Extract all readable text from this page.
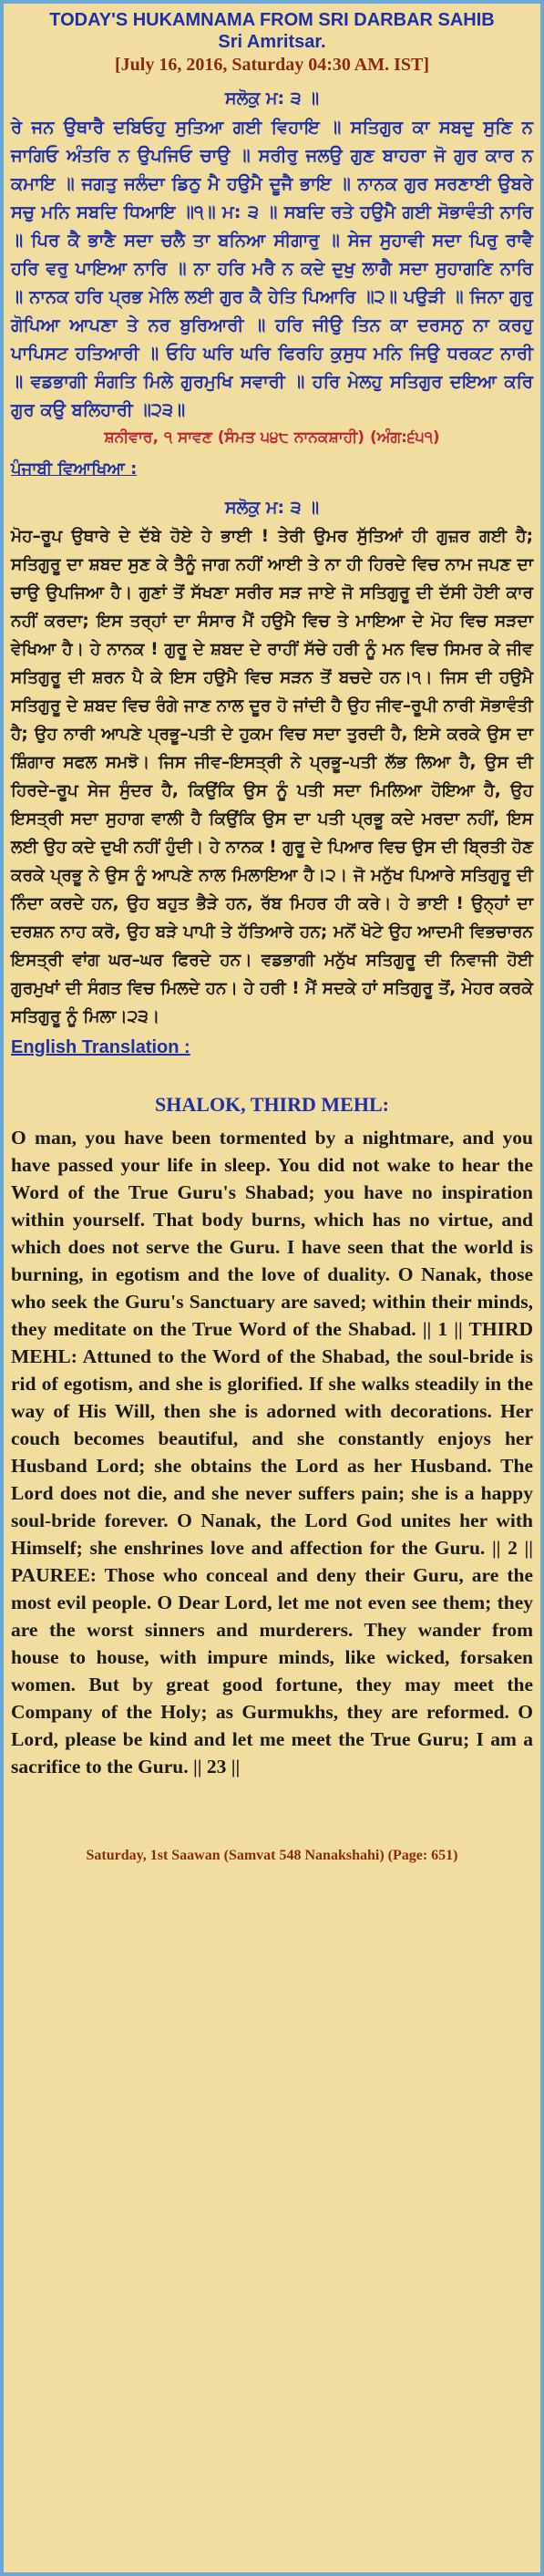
TODAY'S HUKAMNAMA FROM SRI DARBAR SAHIB
Sri Amritsar.
[July 16, 2016, Saturday 04:30 AM. IST]
ਸਲੋਕੁ ਮ: ੩ ॥

ਰੇ ਜਨ ਉਥਾਰੈ ਦਬਿਓਹੁ ਸੁਤਿਆ ਗਈ ਵਿਹਾਇ ॥ ਸਤਿਗੁਰ ਕਾ ਸਬਦੁ ਸੁਣਿ ਨ ਜਾਗਿਓ ਅੰਤਰਿ ਨ ਉਪਜਿਓ ਚਾਉ ॥ ਸਰੀਰੁ ਜਲਉ ਗੁਣ ਬਾਹਰਾ ਜੋ ਗੁਰ ਕਾਰ ਨ ਕਮਾਇ ॥ ਜਗਤੁ ਜਲੰਦਾ ਡਿਠੁ ਮੈ ਹਉਮੈ ਦੂਜੈ ਭਾਇ ॥ ਨਾਨਕ ਗੁਰ ਸਰਣਾਈ ਉਬਰੇ ਸਚੁ ਮਨਿ ਸਬਦਿ ਧਿਆਇ ॥੧॥ ਮ: ੩ ॥ ਸਬਦਿ ਰਤੇ ਹਉਮੈ ਗਈ ਸੋਭਾਵੰਤੀ ਨਾਰਿ ॥ ਪਿਰ ਕੈ ਭਾਣੈ ਸਦਾ ਚਲੈ ਤਾ ਬਨਿਆ ਸੀਗਾਰੁ ॥ ਸੇਜ ਸੁਹਾਵੀ ਸਦਾ ਪਿਰੁ ਰਾਵੈ ਹਰਿ ਵਰੁ ਪਾਇਆ ਨਾਰਿ ॥ ਨਾ ਹਰਿ ਮਰੈ ਨ ਕਦੇ ਦੁਖੁ ਲਾਗੈ ਸਦਾ ਸੁਹਾਗਣਿ ਨਾਰਿ ॥ ਨਾਨਕ ਹਰਿ ਪ੍ਰਭ ਮੇਲਿ ਲਈ ਗੁਰ ਕੈ ਹੇਤਿ ਪਿਆਰਿ ॥੨॥ ਪਉੜੀ ॥ ਜਿਨਾ ਗੁਰੁ ਗੋਪਿਆ ਆਪਣਾ ਤੇ ਨਰ ਬੁਰਿਆਰੀ ॥ ਹਰਿ ਜੀਉ ਤਿਨ ਕਾ ਦਰਸਨੁ ਨਾ ਕਰਹੁ ਪਾਪਿਸਟ ਹਤਿਆਰੀ ॥ ਓਹਿ ਘਰਿ ਘਰਿ ਫਿਰਹਿ ਕੁਸੁਧ ਮਨਿ ਜਿਉ ਧਰਕਟ ਨਾਰੀ ॥ ਵਡਭਾਗੀ ਸੰਗਤਿ ਮਿਲੇ ਗੁਰਮੁਖਿ ਸਵਾਰੀ ॥ ਹਰਿ ਮੇਲਹੁ ਸਤਿਗੁਰ ਦਇਆ ਕਰਿ ਗੁਰ ਕਉ ਬਲਿਹਾਰੀ ॥੨੩॥

ਸ਼ਨੀਵਾਰ, ੧ ਸਾਵਣ (ਸੰਮਤ ੫੪੮ ਨਾਨਕਸ਼ਾਹੀ) (ਅੰਗ:੬੫੧)
ਪੰਜਾਬੀ ਵਿਆਖਿਆ :
ਸਲੋਕੁ ਮ: ੩ ॥

ਮੋਹ–ਰੂਪ ਉਥਾਰੇ ਦੇ ਦੱਬੇ ਹੋਏ ਹੇ ਭਾਈ ! ਤੇਰੀ ਉਮਰ ਸੁੱਤਿਆਂ ਹੀ ਗੁਜ਼ਰ ਗਈ ਹੈ; ਸਤਿਗੁਰੂ ਦਾ ਸ਼ਬਦ ਸੁਣ ਕੇ ਤੈਨੂੰ ਜਾਗ ਨਹੀਂ ਆਈ ਤੇ ਨਾ ਹੀ ਹਿਰਦੇ ਵਿਚ ਨਾਮ ਜਪਣ ਦਾ ਚਾਉ ਉਪਜਿਆ ਹੈ। ਗੁਣਾਂ ਤੋਂ ਸੱਖਣਾ ਸਰੀਰ ਸੜ ਜਾਏ ਜੋ ਸਤਿਗੁਰੂ ਦੀ ਦੱਸੀ ਹੋਈ ਕਾਰ ਨਹੀਂ ਕਰਦਾ; ਇਸ ਤਰ੍ਹਾਂ ਦਾ ਸੰਸਾਰ ਮੈਂ ਹਉਮੈ ਵਿਚ ਤੇ ਮਾਇਆ ਦੇ ਮੋਹ ਵਿਚ ਸੜਦਾ ਵੇਖਿਆ ਹੈ। ਹੇ ਨਾਨਕ ! ਗੁਰੂ ਦੇ ਸ਼ਬਦ ਦੇ ਰਾਹੀਂ ਸੱਚੇ ਹਰੀ ਨੂੰ ਮਨ ਵਿਚ ਸਿਮਰ ਕੇ ਜੀਵ ਸਤਿਗੁਰੂ ਦੀ ਸ਼ਰਨ ਪੈ ਕੇ ਇਸ ਹਉਮੈ ਵਿਚ ਸੜਨ ਤੋਂ ਬਚਦੇ ਹਨ।੧। ਜਿਸ ਦੀ ਹਉਮੈ ਸਤਿਗੁਰੂ ਦੇ ਸ਼ਬਦ ਵਿਚ ਰੰਗੇ ਜਾਣ ਨਾਲ ਦੂਰ ਹੋ ਜਾਂਦੀ ਹੈ ਉਹ ਜੀਵ–ਰੂਪੀ ਨਾਰੀ ਸੋਭਾਵੰਤੀ ਹੈ; ਉਹ ਨਾਰੀ ਆਪਣੇ ਪ੍ਰਭੂ–ਪਤੀ ਦੇ ਹੁਕਮ ਵਿਚ ਸਦਾ ਤੁਰਦੀ ਹੈ, ਇਸੇ ਕਰਕੇ ਉਸ ਦਾ ਸ਼ਿੰਗਾਰ ਸਫਲ ਸਮਝੋ। ਜਿਸ ਜੀਵ–ਇਸਤ੍ਰੀ ਨੇ ਪ੍ਰਭੂ–ਪਤੀ ਲੱਭ ਲਿਆ ਹੈ, ਉਸ ਦੀ ਹਿਰਦੇ–ਰੂਪ ਸੇਜ ਸੁੰਦਰ ਹੈ, ਕਿਉਂਕਿ ਉਸ ਨੂੰ ਪਤੀ ਸਦਾ ਮਿਲਿਆ ਹੋਇਆ ਹੈ, ਉਹ ਇਸਤ੍ਰੀ ਸਦਾ ਸੁਹਾਗ ਵਾਲੀ ਹੈ ਕਿਉਂਕਿ ਉਸ ਦਾ ਪਤੀ ਪ੍ਰਭੂ ਕਦੇ ਮਰਦਾ ਨਹੀਂ, ਇਸ ਲਈ ਉਹ ਕਦੇ ਦੁਖੀ ਨਹੀਂ ਹੁੰਦੀ। ਹੇ ਨਾਨਕ ! ਗੁਰੂ ਦੇ ਪਿਆਰ ਵਿਚ ਉਸ ਦੀ ਬ੍ਰਿਤੀ ਹੋਣ ਕਰਕੇ ਪ੍ਰਭੂ ਨੇ ਉਸ ਨੂੰ ਆਪਣੇ ਨਾਲ ਮਿਲਾਇਆ ਹੈ।੨। ਜੋ ਮਨੁੱਖ ਪਿਆਰੇ ਸਤਿਗੁਰੂ ਦੀ ਨਿੰਦਾ ਕਰਦੇ ਹਨ, ਉਹ ਬਹੁਤ ਭੈੜੇ ਹਨ, ਰੱਬ ਮਿਹਰ ਹੀ ਕਰੇ। ਹੇ ਭਾਈ ! ਉਨ੍ਹਾਂ ਦਾ ਦਰਸ਼ਨ ਨਾਹ ਕਰੋ, ਉਹ ਬੜੇ ਪਾਪੀ ਤੇ ਹੱਤਿਆਰੇ ਹਨ; ਮਨੋਂ ਖੋਟੇ ਉਹ ਆਦਮੀ ਵਿਭਚਾਰਨ ਇਸਤ੍ਰੀ ਵਾਂਗ ਘਰ–ਘਰ ਫਿਰਦੇ ਹਨ। ਵਡਭਾਗੀ ਮਨੁੱਖ ਸਤਿਗੁਰੂ ਦੀ ਨਿਵਾਜੀ ਹੋਈ ਗੁਰਮੁਖਾਂ ਦੀ ਸੰਗਤ ਵਿਚ ਮਿਲਦੇ ਹਨ। ਹੇ ਹਰੀ ! ਮੈਂ ਸਦਕੇ ਹਾਂ ਸਤਿਗੁਰੂ ਤੋਂ, ਮੇਹਰ ਕਰਕੇ ਸਤਿਗੁਰੂ ਨੂੰ ਮਿਲਾ।੨੩।

English Translation :
SHALOK, THIRD MEHL:

O man, you have been tormented by a nightmare, and you have passed your life in sleep. You did not wake to hear the Word of the True Guru's Shabad; you have no inspiration within yourself. That body burns, which has no virtue, and which does not serve the Guru. I have seen that the world is burning, in egotism and the love of duality. O Nanak, those who seek the Guru's Sanctuary are saved; within their minds, they meditate on the True Word of the Shabad. || 1 || THIRD MEHL: Attuned to the Word of the Shabad, the soul-bride is rid of egotism, and she is glorified. If she walks steadily in the way of His Will, then she is adorned with decorations. Her couch becomes beautiful, and she constantly enjoys her Husband Lord; she obtains the Lord as her Husband. The Lord does not die, and she never suffers pain; she is a happy soul-bride forever. O Nanak, the Lord God unites her with Himself; she enshrines love and affection for the Guru. || 2 || PAUREE: Those who conceal and deny their Guru, are the most evil people. O Dear Lord, let me not even see them; they are the worst sinners and murderers. They wander from house to house, with impure minds, like wicked, forsaken women. But by great good fortune, they may meet the Company of the Holy; as Gurmukhs, they are reformed. O Lord, please be kind and let me meet the True Guru; I am a sacrifice to the Guru. || 23 ||

Saturday, 1st Saawan (Samvat 548 Nanakshahi) (Page: 651)
